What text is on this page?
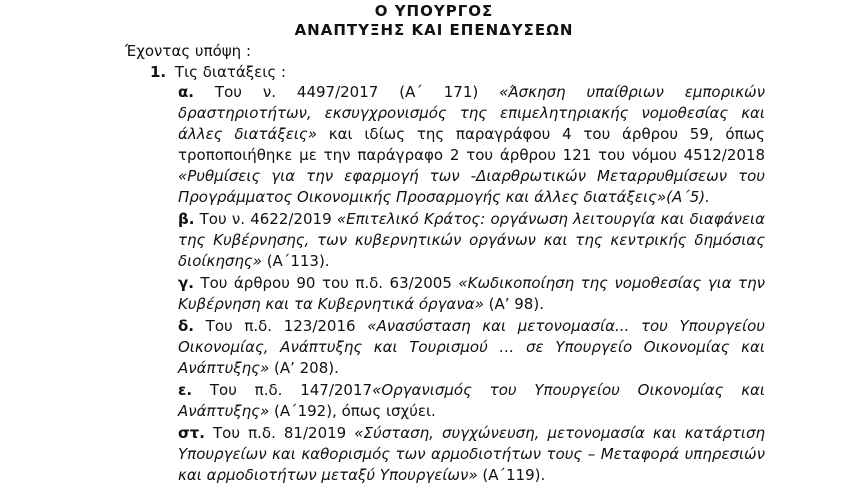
Ο ΥΠΟΥΡΓΟΣ
ΑΝΑΠΤΥΞΗΣ ΚΑΙ ΕΠΕΝΔΥΣΕΩΝ
Έχοντας υπόψη :
1. Τις διατάξεις :

α. Του ν. 4497/2017 (Α΄ 171) «Άσκηση υπαίθριων εμπορικών δραστηριοτήτων, εκσυγχρονισμός της επιμελητηριακής νομοθεσίας και άλλες διατάξεις» και ιδίως της παραγράφου 4 του άρθρου 59, όπως τροποποιήθηκε με την παράγραφο 2 του άρθρου 121 του νόμου 4512/2018 «Ρυθμίσεις για την εφαρμογή των -Διαρθρωτικών Μεταρρυθμίσεων του Προγράμματος Οικονομικής Προσαρμογής και άλλες διατάξεις»(Α΄5).

β. Του ν. 4622/2019 «Επιτελικό Κράτος: οργάνωση λειτουργία και διαφάνεια της Κυβέρνησης, των κυβερνητικών οργάνων και της κεντρικής δημόσιας διοίκησης» (Α΄113).

γ. Του άρθρου 90 του π.δ. 63/2005 «Κωδικοποίηση της νομοθεσίας για την Κυβέρνηση και τα Κυβερνητικά όργανα» (Α’ 98).

δ. Του π.δ. 123/2016 «Ανασύσταση και μετονομασία... του Υπουργείου Οικονομίας, Ανάπτυξης και Τουρισμού … σε Υπουργείο Οικονομίας και Ανάπτυξης» (Α’ 208).

ε. Του π.δ. 147/2017«Οργανισμός του Υπουργείου Οικονομίας και Ανάπτυξης» (Α΄192), όπως ισχύει.

στ. Του π.δ. 81/2019 «Σύσταση, συγχώνευση, μετονομασία και κατάρτιση Υπουργείων και καθορισμός των αρμοδιοτήτων τους – Μεταφορά υπηρεσιών και αρμοδιοτήτων μεταξύ Υπουργείων» (Α΄119).
